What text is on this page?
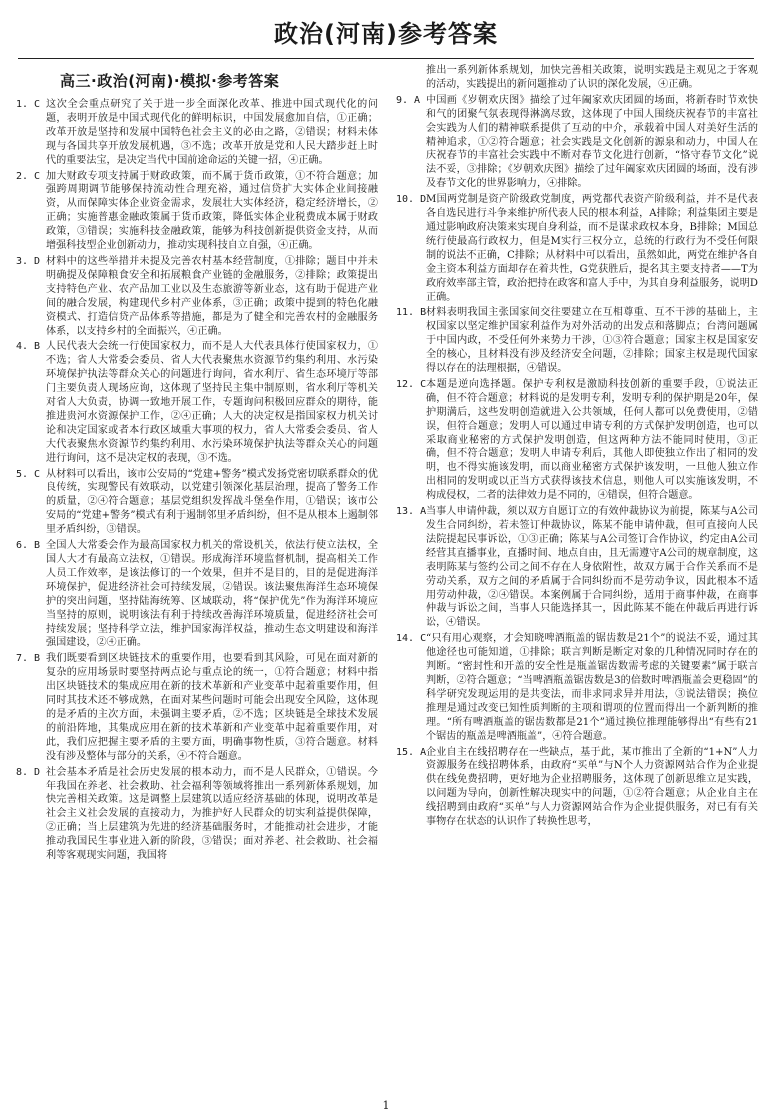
政治(河南)参考答案
高三·政治(河南)·模拟·参考答案
1. C 这次全会重点研究了关于进一步全面深化改革、推进中国式现代化的问题，表明开放是中国式现代化的鲜明标识，中国发展愈加自信，①正确；改革开放是坚持和发展中国特色社会主义的必由之路，②错误；材料未体现与各国共享开放发展机遇，③不选；改革开放是党和人民大踏步赶上时代的重要法宝，是决定当代中国前途命运的关键一招，④正确。
2. C 加大财政专项支持属于财政政策，而不属于货币政策，①不符合题意；加强跨周期调节能够保持流动性合理充裕，通过信贷扩大实体企业间接融资，从而保障实体企业资金需求，发展壮大实体经济，稳定经济增长，②正确；实施普惠金融政策属于货币政策，降低实体企业税费成本属于财政政策，③错误；实施科技金融政策，能够为科技创新提供资金支持，从而增强科技型企业创新动力，推动实现科技自立自强，④正确。
3. D 材料中的这些举措并未提及完善农村基本经营制度，①排除；题目中并未明确提及保障粮食安全和拓展粮食产业链的金融服务，②排除；政策提出支持特色产业、农产品加工业以及生态旅游等新业态，这有助于促进产业间的融合发展，构建现代乡村产业体系，③正确；政策中提到的特色化融资模式、打造信贷产品体系等措施，都是为了健全和完善农村的金融服务体系，以支持乡村的全面振兴，④正确。
4. B 人民代表大会统一行使国家权力，而不是人大代表具体行使国家权力，①不选；省人大常委会委员、省人大代表聚焦水资源节约集约利用、水污染环境保护执法等群众关心的问题进行询问，省水利厅、省生态环境厅等部门主要负责人现场应询，这体现了坚持民主集中制原则，省水利厅等机关对省人大负责，协调一致地开展工作，专题询问积极回应群众的期待，能推进贵河水资源保护工作，②④正确；人大的决定权是指国家权力机关讨论和决定国家或者本行政区域重大事项的权力，省人大常委会委员、省人大代表聚焦水资源节约集约利用、水污染环境保护执法等群众关心的问题进行询问，这不是决定权的表现，③不选。
5. C 从材料可以看出，该市公安局的“党建+警务”模式发扬党密切联系群众的优良传统，实现警民有效联动，以党建引领深化基层治理，提高了警务工作的质量，②④符合题意；基层党组织发挥战斗堡垒作用，①错误；该市公安局的“党建+警务”模式有利于遏制邻里矛盾纠纷，但不是从根本上遏制邻里矛盾纠纷，③错误。
6. B 全国人大常委会作为最高国家权力机关的常设机关，依法行使立法权，全国人大才有最高立法权，①错误。形成海洋环境监督机制，提高相关工作人员工作效率，是该法修订的一个效果，但并不是目的，目的是促进海洋环境保护，促进经济社会可持续发展，②错误。该法聚焦海洋生态环境保护的突出问题，坚持陆海统筹、区域联动，将“保护优先”作为海洋环境应当坚持的原则，说明该法有利于持续改善海洋环境质量，促进经济社会可持续发展；坚持科学立法，维护国家海洋权益，推动生态文明建设和海洋强国建设，②④正确。
7. B 我们既要看到区块链技术的重要作用，也要看到其风险，可见在面对新的复杂的应用场景时要坚持两点论与重点论的统一，①符合题意；材料中指出区块链技术的集成应用在新的技术革新和产业变革中起着重要作用，但同时其技术还不够成熟，在面对某些问题时可能会出现安全风险，这体现的是矛盾的主次方面，未强调主要矛盾，②不选；区块链是全球技术发展的前沿阵地，其集成应用在新的技术革新和产业变革中起着重要作用，对此，我们应把握主要矛盾的主要方面，明确事物性质，③符合题意。材料没有涉及整体与部分的关系，④不符合题意。
8. D 社会基本矛盾是社会历史发展的根本动力，而不是人民群众，①错误。今年我国在养老、社会救助、社会福利等领域将推出一系列新体系规划，加快完善相关政策。这是调整上层建筑以适应经济基础的体现，说明改革是社会主义社会发展的直接动力，为推护好人民群众的切实利益提供保障，②正确；当上层建筑为先进的经济基础服务时，才能推动社会进步，才能推动我国民生事业进入新的阶段，③错误；面对养老、社会救助、社会福利等客观现实问题，我国将
推出一系列新体系规划，加快完善相关政策，说明实践是主观见之于客观的活动，实践提出的新问题推动了认识的深化发展，④正确。
9. A 中国画《岁朝欢庆图》描绘了过年阖家欢庆团圆的场面，将新春时节欢快和气的团聚气氛表现得淋漓尽致，这体现了中国人围绕庆祝春节的丰富社会实践为人们的精神联系提供了互动的中介，承载着中国人对美好生活的精神追求，①②符合题意；社会实践是文化创新的源泉和动力，中国人在庆祝春节的丰富社会实践中不断对春节文化进行创新，“恪守春节文化”说法不妥，③排除；《岁朝欢庆图》描绘了过年阖家欢庆团圆的场面，没有涉及春节文化的世界影响力，④排除。
10. D M国两党制是资产阶级政党制度，两党都代表资产阶级利益，并不是代表各自选民进行斗争来维护所代表人民的根本利益，A排除；利益集团主要是通过影响政府决策来实现自身利益，而不是谋求政权本身，B排除；M国总统行使最高行政权力，但是M实行三权分立，总统的行政行为不受任何限制的说法不正确，C排除；从材料中可以看出，虽然如此，两党在维护各自金主资本利益方面却存在着共性，G党获胜后，提名其主要支持者——T为政府效率部主管，政治把持在政客和富人手中，为其自身利益服务，说明D正确。
11. B 材料表明我国主张国家间交往要建立在互相尊重、互不干涉的基础上，主权国家以坚定维护国家利益作为对外活动的出发点和落脚点；台湾问题属于中国内政，不受任何外来势力干涉，①③符合题意；国家主权是国家安全的核心，且材料没有涉及经济安全问题，②排除；国家主权是现代国家得以存在的法理根据，④错误。
12. C 本题是逆向选择题。保护专利权是激励科技创新的重要手段，①说法正确，但不符合题意；材料说的是发明专利，发明专利的保护期是20年，保护期满后，这些发明创造就进入公共领域，任何人都可以免费使用，②错误，但符合题意；发明人可以通过申请专利的方式保护发明创造，也可以采取商业秘密的方式保护发明创造，但这两种方法不能同时使用，③正确，但不符合题意；发明人申请专利后，其他人即使独立作出了相同的发明，也不得实施该发明，而以商业秘密方式保护该发明，一旦他人独立作出相同的发明或以正当方式获得该技术信息，则他人可以实施该发明，不构成侵权，二者的法律效力是不同的，④错误，但符合题意。
13. A 当事人申请仲裁，须以双方自愿订立的有效仲裁协议为前提，陈某与A公司发生合同纠纷，若未签订仲裁协议，陈某不能申请仲裁，但可直接向人民法院提起民事诉讼，①③正确；陈某与A公司签订合作协议，约定由A公司经营其直播事业，直播时间、地点自由，且无需遵守A公司的规章制度，这表明陈某与签约公司之间不存在人身依附性，故双方属于合作关系而不是劳动关系，双方之间的矛盾属于合同纠纷而不是劳动争议，因此根本不适用劳动仲裁，②④错误。本案例属于合同纠纷，适用于商事仲裁，在商事仲裁与诉讼之间，当事人只能选择其一，因此陈某不能在仲裁后再进行诉讼，④错误。
14. C “只有用心观察，才会知晓啤酒瓶盖的锯齿数是21个”的说法不妥，通过其他途径也可能知道，①排除；联言判断是断定对象的几种情况同时存在的判断。“密封性和开盖的安全性是瓶盖锯齿数需考虑的关键要素”属于联言判断，②符合题意；“当啤酒瓶盖锯齿数是3的倍数时啤酒瓶盖会更稳固”的科学研究发现运用的是共变法，而非求同求异并用法，③说法错误；换位推理是通过改变已知性质判断的主项和谓项的位置而得出一个新判断的推理。“所有啤酒瓶盖的锯齿数都是21个”通过换位推理能够得出“有些有21个锯齿的瓶盖是啤酒瓶盖”，④符合题意。
15. A 企业自主在线招聘存在一些缺点，基于此，某市推出了全新的“1+N”人力资源服务在线招聘体系，由政府“买单”与N个人力资源网站合作为企业提供在线免费招聘，更好地为企业招聘服务，这体现了创新思维立足实践，以问题为导向，创新性解决现实中的问题，①②符合题意；从企业自主在线招聘到由政府“买单”与人力资源网站合作为企业提供服务，对已有有关事物存在状态的认识作了转换性思考，
1
